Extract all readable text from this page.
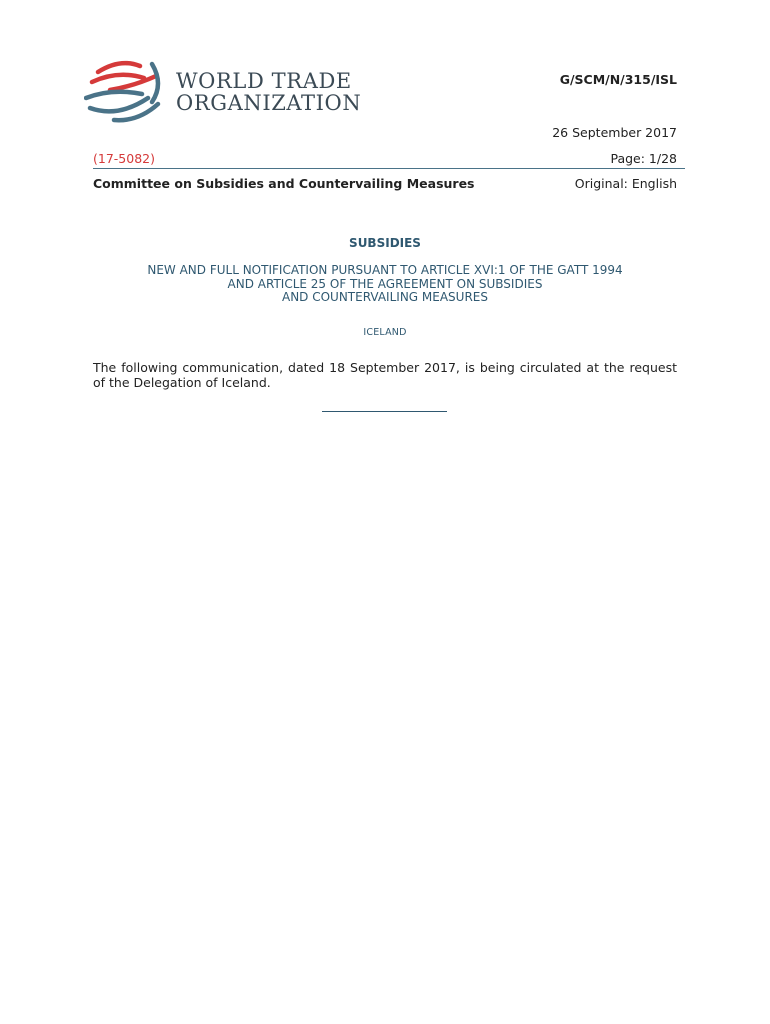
WORLD TRADE
ORGANIZATION
G/SCM/N/315/ISL
26 September 2017
(17-5082)	Page: 1/28
Committee on Subsidies and Countervailing Measures	Original: English
SUBSIDIES
NEW AND FULL NOTIFICATION PURSUANT TO ARTICLE XVI:1 OF THE GATT 1994
AND ARTICLE 25 OF THE AGREEMENT ON SUBSIDIES
AND COUNTERVAILING MEASURES
ICELAND
The following communication, dated 18 September 2017, is being circulated at the request of the Delegation of Iceland.
